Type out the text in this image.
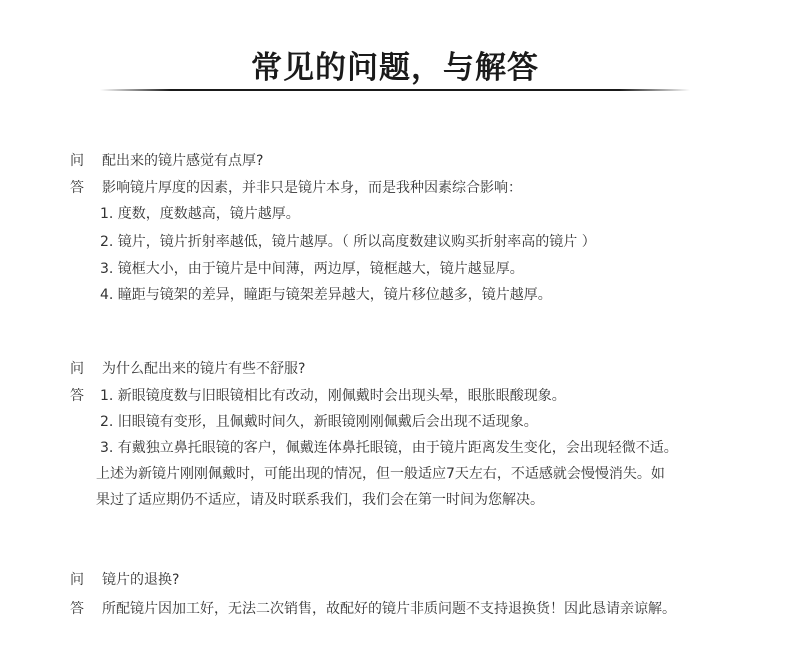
常见的问题，与解答
问 配出来的镜片感觉有点厚?
答 影响镜片厚度的因素，并非只是镜片本身，而是我种因素综合影响：
1. 度数，度数越高，镜片越厚。
2. 镜片，镜片折射率越低，镜片越厚。（ 所以高度数建议购买折射率高的镜片 ）
3. 镜框大小，由于镜片是中间薄，两边厚，镜框越大，镜片越显厚。
4. 瞳距与镜架的差异，瞳距与镜架差异越大，镜片移位越多，镜片越厚。
问 为什么配出来的镜片有些不舒服?
答 1. 新眼镜度数与旧眼镜相比有改动，刚佩戴时会出现头晕，眼胀眼酸现象。
2. 旧眼镜有变形，且佩戴时间久，新眼镜刚刚佩戴后会出现不适现象。
3. 有戴独立鼻托眼镜的客户，佩戴连体鼻托眼镜，由于镜片距离发生变化，会出现轻微不适。
上述为新镜片刚刚佩戴时，可能出现的情况，但一般适应7天左右，不适感就会慢慢消失。如
果过了适应期仍不适应，请及时联系我们，我们会在第一时间为您解决。
问 镜片的退换?
答 所配镜片因加工好，无法二次销售，故配好的镜片非质问题不支持退换货！因此恳请亲谅解。
